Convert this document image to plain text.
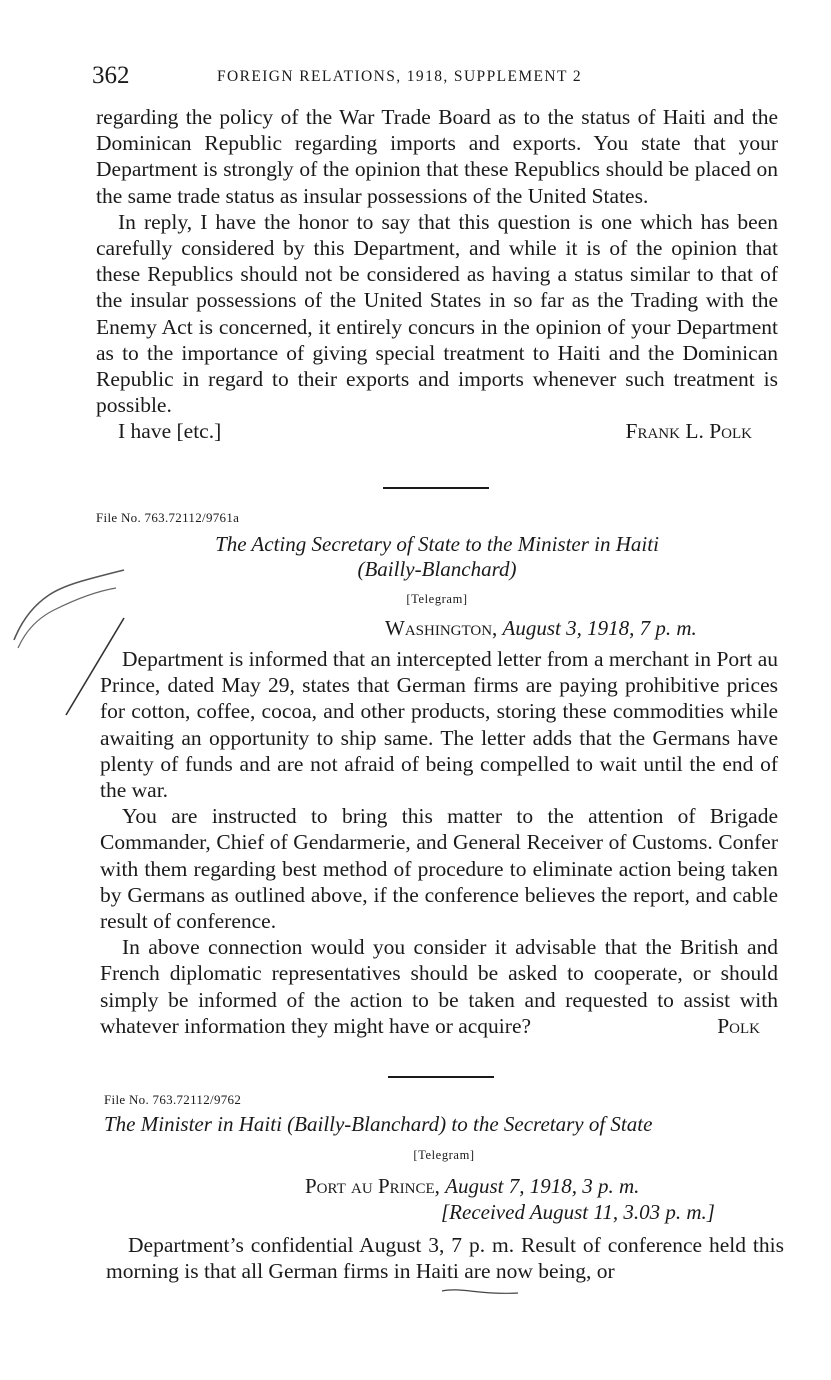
362	FOREIGN RELATIONS, 1918, SUPPLEMENT 2

regarding the policy of the War Trade Board as to the status of Haiti and the Dominican Republic regarding imports and exports. You state that your Department is strongly of the opinion that these Republics should be placed on the same trade status as insular possessions of the United States.

In reply, I have the honor to say that this question is one which has been carefully considered by this Department, and while it is of the opinion that these Republics should not be considered as having a status similar to that of the insular possessions of the United States in so far as the Trading with the Enemy Act is concerned, it entirely concurs in the opinion of your Department as to the importance of giving special treatment to Haiti and the Dominican Republic in regard to their exports and imports whenever such treatment is possible.

I have [etc.]	Frank L. Polk
File No. 763.72112/9761a
The Acting Secretary of State to the Minister in Haiti
(Bailly-Blanchard)
[Telegram]
Washington, August 3, 1918, 7 p. m.

Department is informed that an intercepted letter from a merchant in Port au Prince, dated May 29, states that German firms are paying prohibitive prices for cotton, coffee, cocoa, and other products, storing these commodities while awaiting an opportunity to ship same. The letter adds that the Germans have plenty of funds and are not afraid of being compelled to wait until the end of the war.

You are instructed to bring this matter to the attention of Brigade Commander, Chief of Gendarmerie, and General Receiver of Customs. Confer with them regarding best method of procedure to eliminate action being taken by Germans as outlined above, if the conference believes the report, and cable result of conference.

In above connection would you consider it advisable that the British and French diplomatic representatives should be asked to cooperate, or should simply be informed of the action to be taken and requested to assist with whatever information they might have or acquire?	Polk
File No. 763.72112/9762
The Minister in Haiti (Bailly-Blanchard) to the Secretary of State
[Telegram]
Port au Prince, August 7, 1918, 3 p. m.
[Received August 11, 3.03 p. m.]

Department’s confidential August 3, 7 p. m. Result of conference held this morning is that all German firms in Haiti are now being, or
